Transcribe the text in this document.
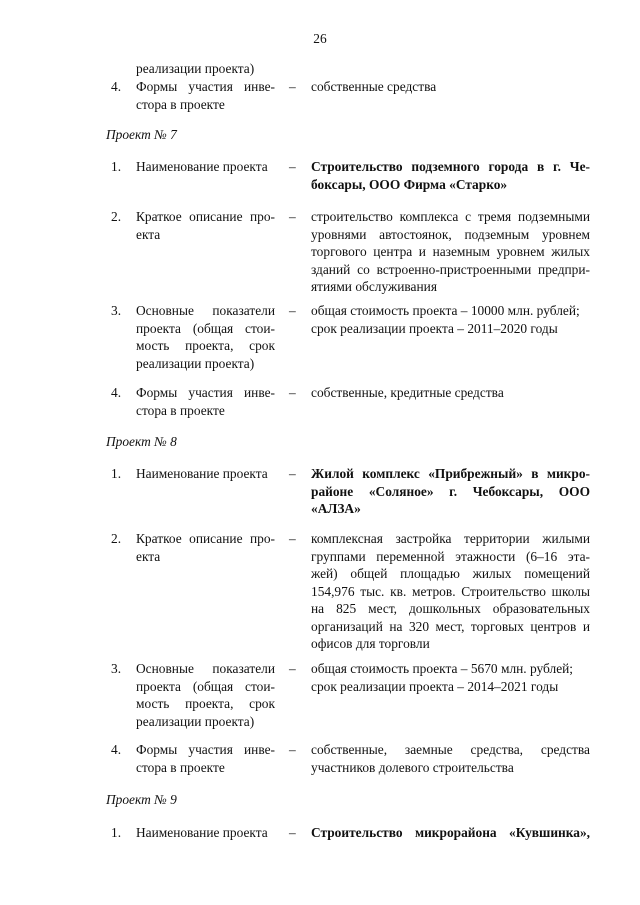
26
реализации проекта)
4.	Формы участия инве-
стора в проекте
– собственные средства
Проект № 7
1.	Наименование проекта	– Строительство подземного города в г. Че-
боксары, ООО Фирма «Старко»
2.	Краткое описание про-
екта
– строительство комплекса с тремя подземными
уровнями автостоянок, подземным уровнем
торгового центра и наземным уровнем жилых
зданий со встроенно-пристроенными предпри-
ятиями обслуживания
3.	Основные показатели
проекта (общая стои-
мость проекта, срок
реализации проекта)
– общая стоимость проекта – 10000 млн. рублей;
срок реализации проекта – 2011–2020 годы
4.	Формы участия инве-
стора в проекте
– собственные, кредитные средства
Проект № 8
1.	Наименование проекта	– Жилой комплекс «Прибрежный» в микро-
районе «Соляное» г. Чебоксары, ООО
«АЛЗА»
2.	Краткое описание про-
екта
– комплексная застройка территории жилыми
группами переменной этажности (6–16 эта-
жей) общей площадью жилых помещений
154,976 тыс. кв. метров. Строительство школы
на 825 мест, дошкольных образовательных
организаций на 320 мест, торговых центров и
офисов для торговли
3.	Основные показатели
проекта (общая стои-
мость проекта, срок
реализации проекта)
– общая стоимость проекта – 5670 млн. рублей;
срок реализации проекта – 2014–2021 годы
4.	Формы участия инве-
стора в проекте
– собственные, заемные средства, средства
участников долевого строительства
Проект № 9
1.	Наименование проекта	– Строительство микрорайона «Кувшинка»,
